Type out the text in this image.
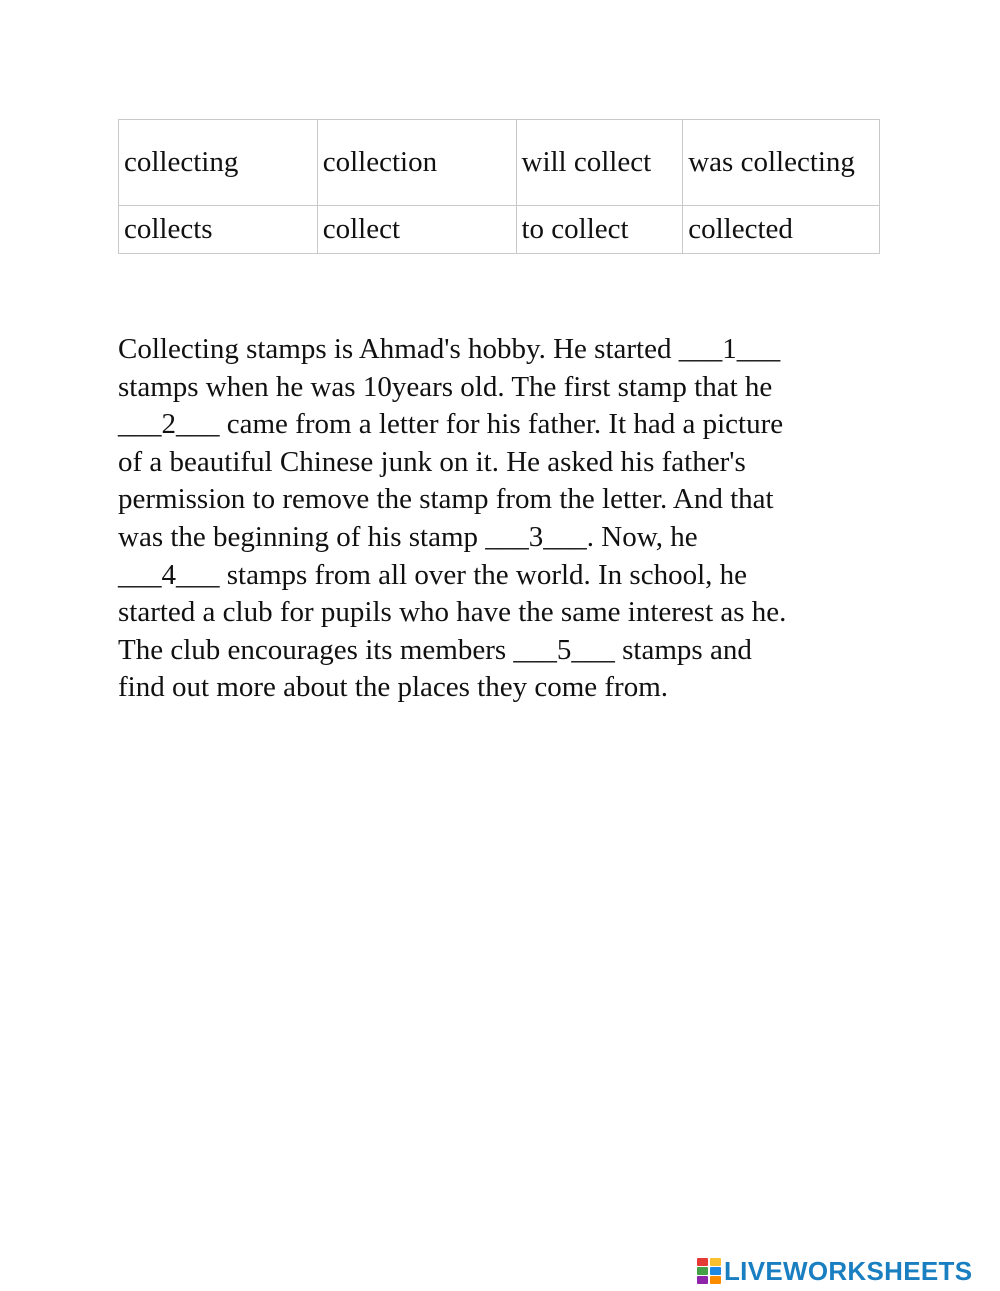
collecting	collection	will collect	was collecting
collects	collect	to collect	collected

Collecting stamps is Ahmad's hobby. He started ___1___
stamps when he was 10years old. The first stamp that he
___2___ came from a letter for his father. It had a picture
of a beautiful Chinese junk on it. He asked his father's
permission to remove the stamp from the letter. And that
was the beginning of his stamp ___3___. Now, he
___4___ stamps from all over the world. In school, he
started a club for pupils who have the same interest as he.
The club encourages its members ___5___ stamps and
find out more about the places they come from.

LIVEWORKSHEETS
